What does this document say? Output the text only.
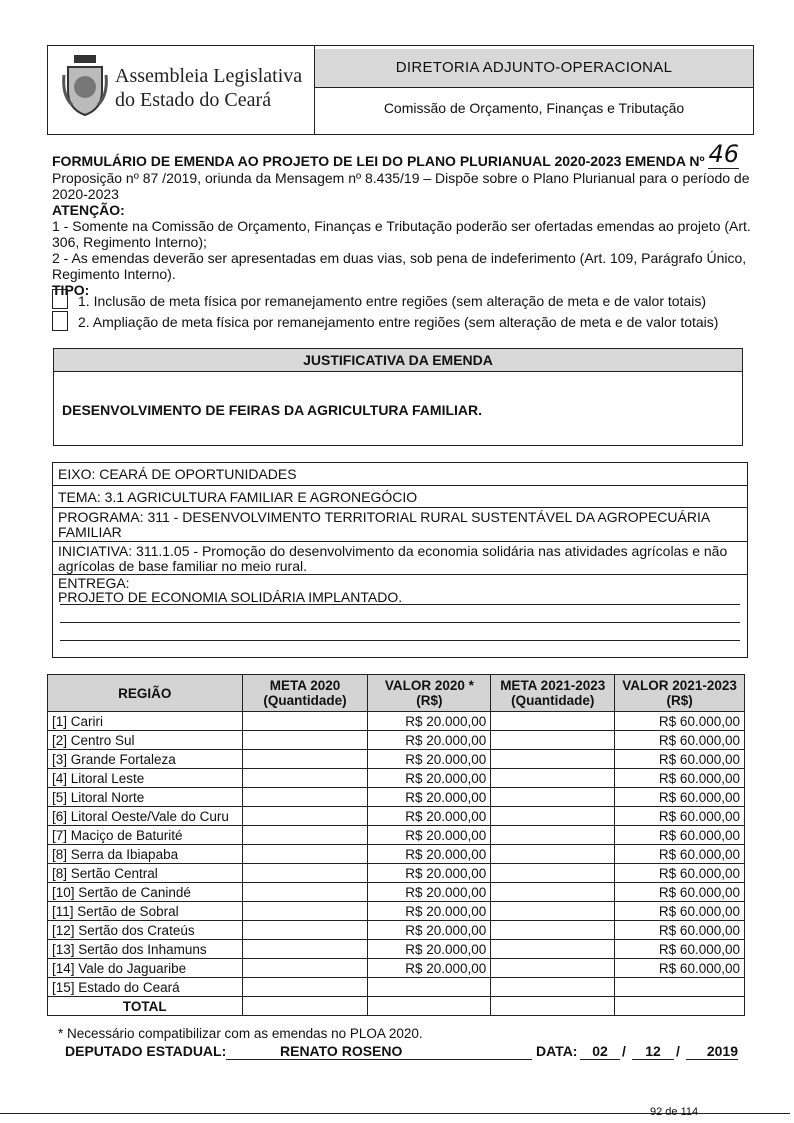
Assembleia Legislativa
do Estado do Ceará
DIRETORIA ADJUNTO-OPERACIONAL
Comissão de Orçamento, Finanças e Tributação
FORMULÁRIO DE EMENDA AO PROJETO DE LEI DO PLANO PLURIANUAL 2020-2023 EMENDA Nº 46
Proposição nº 87 /2019, oriunda da Mensagem nº 8.435/19 – Dispõe sobre o Plano Plurianual para o período de
2020-2023
ATENÇÃO:
1 - Somente na Comissão de Orçamento, Finanças e Tributação poderão ser ofertadas emendas ao projeto (Art.
306, Regimento Interno);
2 - As emendas deverão ser apresentadas em duas vias, sob pena de indeferimento (Art. 109, Parágrafo Único,
Regimento Interno).
TIPO:
1. Inclusão de meta física por remanejamento entre regiões (sem alteração de meta e de valor totais)
2. Ampliação de meta física por remanejamento entre regiões (sem alteração de meta e de valor totais)
JUSTIFICATIVA DA EMENDA
DESENVOLVIMENTO DE FEIRAS DA AGRICULTURA FAMILIAR.
EIXO: CEARÁ DE OPORTUNIDADES
TEMA: 3.1 AGRICULTURA FAMILIAR E AGRONEGÓCIO
PROGRAMA: 311 - DESENVOLVIMENTO TERRITORIAL RURAL SUSTENTÁVEL DA AGROPECUÁRIA
FAMILIAR
INICIATIVA: 311.1.05 - Promoção do desenvolvimento da economia solidária nas atividades agrícolas e não
agrícolas de base familiar no meio rural.
ENTREGA:
PROJETO DE ECONOMIA SOLIDÁRIA IMPLANTADO.
REGIÃO	META 2020 (Quantidade)	VALOR 2020 * (R$)	META 2021-2023 (Quantidade)	VALOR 2021-2023 (R$)
[1] Cariri		R$ 20.000,00		R$ 60.000,00
[2] Centro Sul		R$ 20.000,00		R$ 60.000,00
[3] Grande Fortaleza		R$ 20.000,00		R$ 60.000,00
[4] Litoral Leste		R$ 20.000,00		R$ 60.000,00
[5] Litoral Norte		R$ 20.000,00		R$ 60.000,00
[6] Litoral Oeste/Vale do Curu		R$ 20.000,00		R$ 60.000,00
[7] Maciço de Baturité		R$ 20.000,00		R$ 60.000,00
[8] Serra da Ibiapaba		R$ 20.000,00		R$ 60.000,00
[8] Sertão Central		R$ 20.000,00		R$ 60.000,00
[10] Sertão de Canindé		R$ 20.000,00		R$ 60.000,00
[11] Sertão de Sobral		R$ 20.000,00		R$ 60.000,00
[12] Sertão dos Crateús		R$ 20.000,00		R$ 60.000,00
[13] Sertão dos Inhamuns		R$ 20.000,00		R$ 60.000,00
[14] Vale do Jaguaribe		R$ 20.000,00		R$ 60.000,00
[15] Estado do Ceará				
TOTAL				
* Necessário compatibilizar com as emendas no PLOA 2020.
DEPUTADO ESTADUAL:	RENATO ROSENO	DATA:	02	/	12	/	2019
92 de 114
